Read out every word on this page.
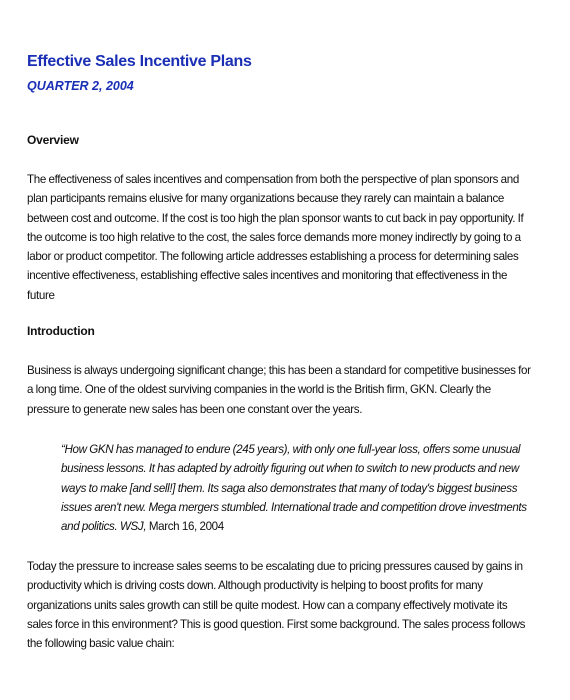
Effective Sales Incentive Plans
QUARTER 2, 2004
Overview

The effectiveness of sales incentives and compensation from both the perspective of plan sponsors and
plan participants remains elusive for many organizations because they rarely can maintain a balance
between cost and outcome. If the cost is too high the plan sponsor wants to cut back in pay opportunity. If
the outcome is too high relative to the cost, the sales force demands more money indirectly by going to a
labor or product competitor. The following article addresses establishing a process for determining sales
incentive effectiveness, establishing effective sales incentives and monitoring that effectiveness in the
future

Introduction

Business is always undergoing significant change; this has been a standard for competitive businesses for
a long time. One of the oldest surviving companies in the world is the British firm, GKN. Clearly the
pressure to generate new sales has been one constant over the years.

“How GKN has managed to endure (245 years), with only one full-year loss, offers some unusual
business lessons. It has adapted by adroitly figuring out when to switch to new products and new
ways to make [and sell!] them. Its saga also demonstrates that many of today's biggest business
issues aren't new. Mega mergers stumbled. International trade and competition drove investments
and politics. WSJ, March 16, 2004

Today the pressure to increase sales seems to be escalating due to pricing pressures caused by gains in
productivity which is driving costs down. Although productivity is helping to boost profits for many
organizations units sales growth can still be quite modest. How can a company effectively motivate its
sales force in this environment? This is good question. First some background. The sales process follows
the following basic value chain:
